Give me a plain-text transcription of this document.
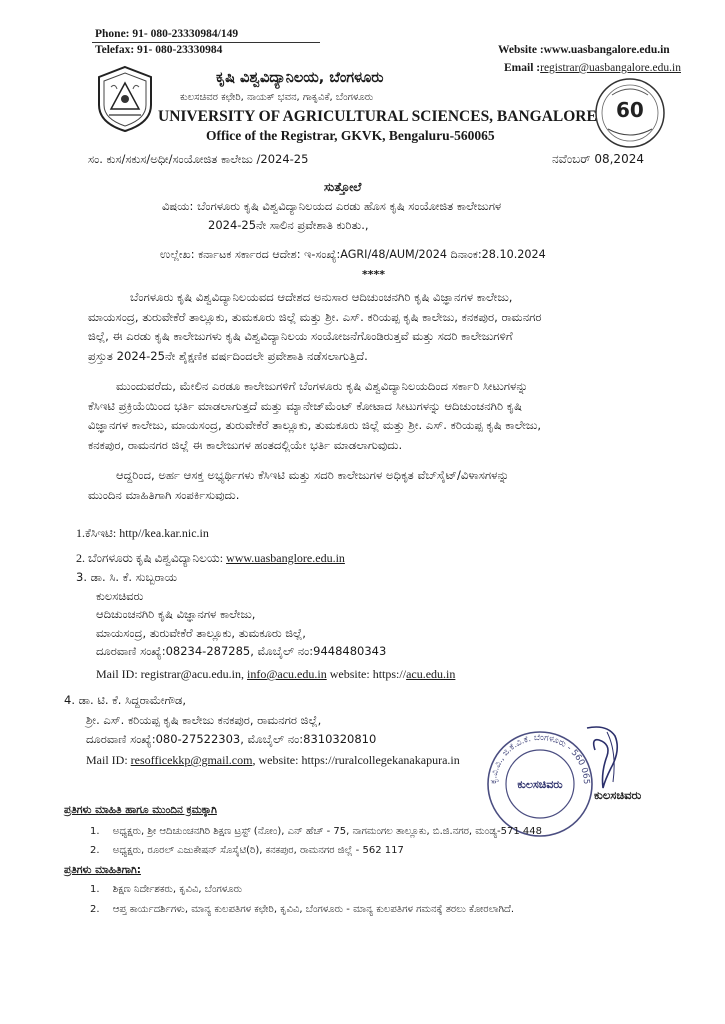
Phone: 91- 080-23330984/149
Telefax: 91- 080-23330984	Website :www.uasbangalore.edu.in
Email :registrar@uasbangalore.edu.in
ಕೃಷಿ ವಿಶ್ವವಿದ್ಯಾನಿಲಯ, ಬೆಂಗಳೂರು
ಕುಲಸಚಿವರ ಕಛೇರಿ, ನಾಯಕ್ ಭವನ, ಗಾಕೃವಿಕೆ, ಬೆಂಗಳೂರು
UNIVERSITY OF AGRICULTURAL SCIENCES, BANGALORE
Office of the Registrar, GKVK, Bengaluru-560065
60
ಸಂ. ಕುಸ/ಸಕುಸ/ಅಧೀ/ಸಂಯೋಜಿತ ಕಾಲೇಜು /2024-25	ನವೆಂಬರ್ 08,2024
ಸುತ್ತೋಲೆ
ವಿಷಯ: ಬೆಂಗಳೂರು ಕೃಷಿ ವಿಶ್ವವಿದ್ಯಾನಿಲಯದ ಎರಡು ಹೊಸ ಕೃಷಿ ಸಂಯೋಜಿತ ಕಾಲೇಜುಗಳ
2024-25ನೇ ಸಾಲಿನ ಪ್ರವೇಶಾತಿ ಕುರಿತು.,
ಉಲ್ಲೇಖ: ಕರ್ನಾಟಕ ಸರ್ಕಾರದ ಆದೇಶ: ಇ-ಸಂಖ್ಯೆ:AGRI/48/AUM/2024 ದಿನಾಂಕ:28.10.2024
****
ಬೆಂಗಳೂರು ಕೃಷಿ ವಿಶ್ವವಿದ್ಯಾನಿಲಯವದ ಆದೇಶದ ಅನುಸಾರ ಆದಿಚುಂಚನಗಿರಿ ಕೃಷಿ ವಿಜ್ಞಾನಗಳ ಕಾಲೇಜು,
ಮಾಯಸಂದ್ರ, ತುರುವೇಕೆರೆ ತಾಲ್ಲೂಕು, ತುಮಕೂರು ಜಿಲ್ಲೆ ಮತ್ತು ಶ್ರೀ. ಎಸ್. ಕರಿಯಪ್ಪ ಕೃಷಿ ಕಾಲೇಜು, ಕನಕಪುರ, ರಾಮನಗರ
ಜಿಲ್ಲೆ, ಈ ಎರಡು ಕೃಷಿ ಕಾಲೇಜುಗಳು ಕೃಷಿ ವಿಶ್ವವಿದ್ಯಾನಿಲಯ ಸಂಯೋಜನೆಗೊಂಡಿರುತ್ತವೆ ಮತ್ತು ಸದರಿ ಕಾಲೇಜುಗಳಿಗೆ
ಪ್ರಸ್ತುತ 2024-25ನೇ ಶೈಕ್ಷಣಿಕ ವರ್ಷದಿಂದಲೇ ಪ್ರವೇಶಾತಿ ನಡೆಸಲಾಗುತ್ತಿದೆ.
ಮುಂದುವರೆದು, ಮೇಲಿನ ಎರಡೂ ಕಾಲೇಜುಗಳಿಗೆ ಬೆಂಗಳೂರು ಕೃಷಿ ವಿಶ್ವವಿದ್ಯಾನಿಲಯದಿಂದ ಸರ್ಕಾರಿ ಸೀಟುಗಳನ್ನು
ಕೆಸಿಇಟಿ ಪ್ರಕ್ರಿಯೆಯಿಂದ ಭರ್ತಿ ಮಾಡಲಾಗುತ್ತದೆ ಮತ್ತು ಮ್ಯಾನೇಜ್‌ಮೆಂಟ್ ಕೋಟಾದ ಸೀಟುಗಳನ್ನು ಆದಿಚುಂಚನಗಿರಿ ಕೃಷಿ
ವಿಜ್ಞಾನಗಳ ಕಾಲೇಜು, ಮಾಯಸಂದ್ರ, ತುರುವೇಕೆರೆ ತಾಲ್ಲೂಕು, ತುಮಕೂರು ಜಿಲ್ಲೆ ಮತ್ತು ಶ್ರೀ. ಎಸ್. ಕರಿಯಪ್ಪ ಕೃಷಿ ಕಾಲೇಜು,
ಕನಕಪುರ, ರಾಮನಗರ ಜಿಲ್ಲೆ ಈ ಕಾಲೇಜುಗಳ ಹಂತದಲ್ಲಿಯೇ ಭರ್ತಿ ಮಾಡಲಾಗುವುದು.
ಆದ್ದರಿಂದ, ಅರ್ಹ ಆಸಕ್ತ ಅಭ್ಯರ್ಥಿಗಳು ಕೆಸಿಇಟಿ ಮತ್ತು ಸದರಿ ಕಾಲೇಜುಗಳ ಅಧಿಕೃತ ವೆಬ್‌ಸೈಟ್/ವಿಳಾಸಗಳನ್ನು
ಮುಂದಿನ ಮಾಹಿತಿಗಾಗಿ ಸಂಪರ್ಕಿಸುವುದು.
1.ಕೆಸಿಇಟಿ: http//kea.kar.nic.in
2. ಬೆಂಗಳೂರು ಕೃಷಿ ವಿಶ್ವವಿದ್ಯಾನಿಲಯ: www.uasbanglore.edu.in
3. ಡಾ. ಸಿ. ಕೆ. ಸುಬ್ಬರಾಯ
ಕುಲಸಚಿವರು
ಆದಿಚುಂಚನಗಿರಿ ಕೃಷಿ ವಿಜ್ಞಾನಗಳ ಕಾಲೇಜು,
ಮಾಯಸಂದ್ರ, ತುರುವೇಕೆರೆ ತಾಲ್ಲೂಕು, ತುಮಕೂರು ಜಿಲ್ಲೆ,
ದೂರವಾಣಿ ಸಂಖ್ಯೆ:08234-287285, ಮೊಬೈಲ್ ನಂ:9448480343
Mail ID: registrar@acu.edu.in, info@acu.edu.in website: https://acu.edu.in
4. ಡಾ. ಟಿ. ಕೆ. ಸಿದ್ದರಾಮೇಗೌಡ,
ಶ್ರೀ. ಎಸ್. ಕರಿಯಪ್ಪ ಕೃಷಿ ಕಾಲೇಜು ಕನಕಪುರ, ರಾಮನಗರ ಜಿಲ್ಲೆ,
ದೂರವಾಣಿ ಸಂಖ್ಯೆ:080-27522303, ಮೊಬೈಲ್ ನಂ:8310320810
Mail ID: resofficekkp@gmail.com, website: https://ruralcollegekanakapura.in
ಕೃ.ವಿ.ವಿ., ಜಿ.ಕೆ.ವಿ.ಕೆ. ಬೆಂಗಳೂರು - 560 065
ಕುಲಸಚಿವರು
ಕುಲಸಚಿವರು
ಪ್ರತಿಗಳು ಮಾಹಿತಿ ಹಾಗೂ ಮುಂದಿನ ಕ್ರಮಕ್ಕಾಗಿ
1. ಅಧ್ಯಕ್ಷರು, ಶ್ರೀ ಆದಿಚುಂಚನಗಿರಿ ಶಿಕ್ಷಣ ಟ್ರಸ್ಟ್ (ನೋಂ), ಎನ್ ಹೆಚ್ - 75, ನಾಗಮಂಗಲ ತಾಲ್ಲೂಕು, ಬಿ.ಜಿ.ನಗರ, ಮಂಡ್ಯ-571 448
2. ಅಧ್ಯಕ್ಷರು, ರೂರಲ್ ಎಜುಕೇಷನ್ ಸೊಸೈಟಿ(ರಿ), ಕನಕಪುರ, ರಾಮನಗರ ಜಿಲ್ಲೆ - 562 117
ಪ್ರತಿಗಳು ಮಾಹಿತಿಗಾಗಿ:
1. ಶಿಕ್ಷಣ ನಿರ್ದೇಶಕರು, ಕೃವಿವಿ, ಬೆಂಗಳೂರು
2. ಆಪ್ತ ಕಾರ್ಯದರ್ಶಿಗಳು, ಮಾನ್ಯ ಕುಲಪತಿಗಳ ಕಛೇರಿ, ಕೃವಿವಿ, ಬೆಂಗಳೂರು - ಮಾನ್ಯ ಕುಲಪತಿಗಳ ಗಮನಕ್ಕೆ ತರಲು ಕೋರಲಾಗಿದೆ.
